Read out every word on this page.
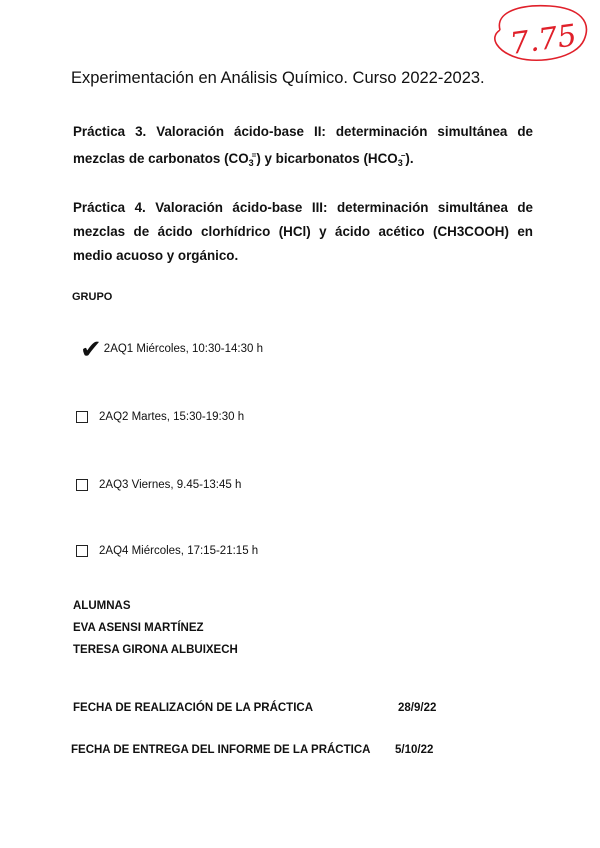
7.75
Experimentación en Análisis Químico. Curso 2022-2023.
Práctica 3. Valoración ácido-base II: determinación simultánea de mezclas de carbonatos $(CO_3^=)$ y bicarbonatos $(HCO_3^-)$.
Práctica 4. Valoración ácido-base III: determinación simultánea de mezclas de ácido clorhídrico (HCl) y ácido acético (CH3COOH) en medio acuoso y orgánico.
GRUPO
✔ 2AQ1 Miércoles, 10:30-14:30 h
2AQ2 Martes, 15:30-19:30 h
2AQ3 Viernes, 9.45-13:45 h
2AQ4 Miércoles, 17:15-21:15 h
ALUMNAS
EVA ASENSI MARTÍNEZ
TERESA GIRONA ALBUIXECH
FECHA DE REALIZACIÓN DE LA PRÁCTICA	28/9/22
FECHA DE ENTREGA DEL INFORME DE LA PRÁCTICA 5/10/22
